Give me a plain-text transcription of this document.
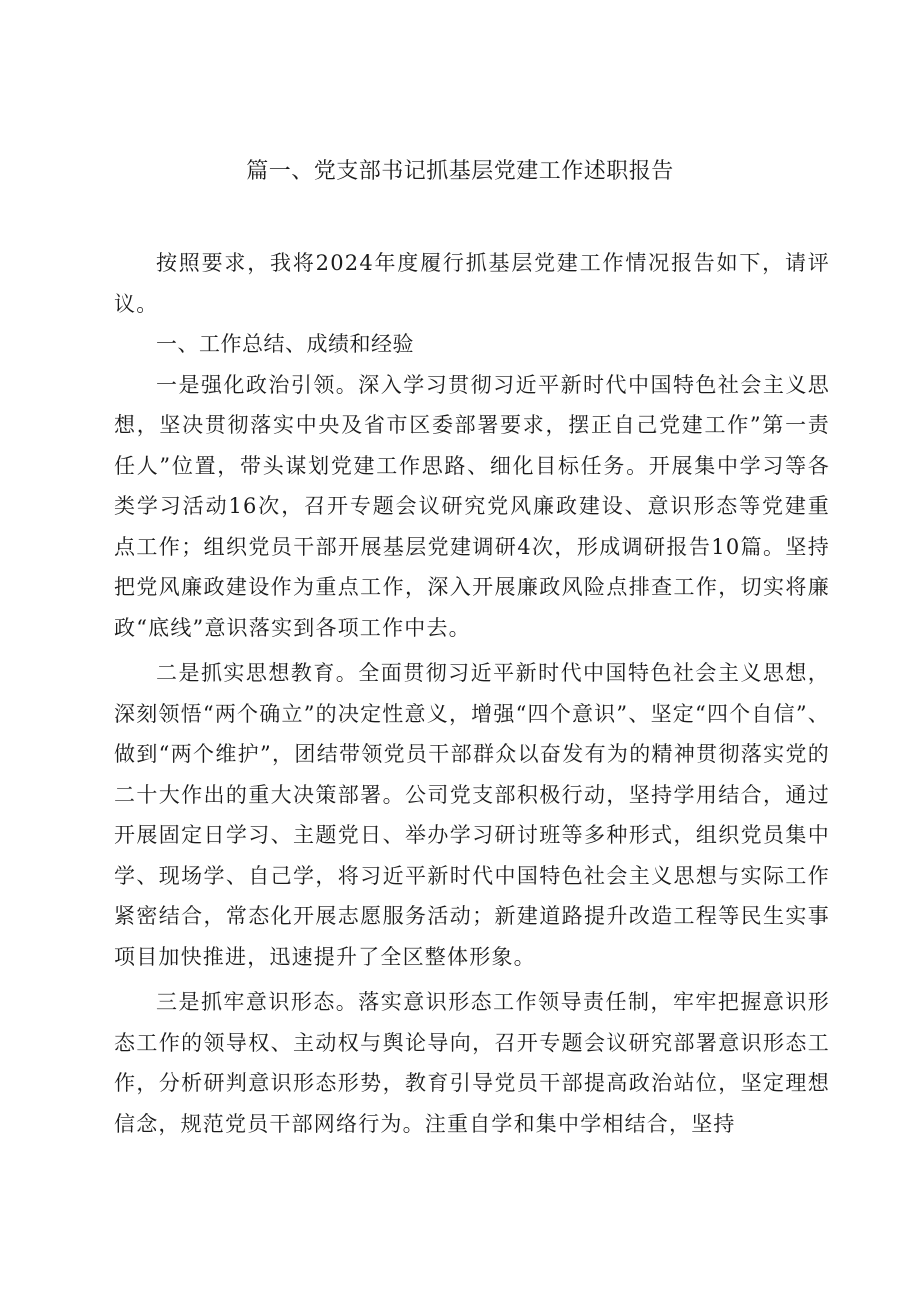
篇一、党支部书记抓基层党建工作述职报告

按照要求，我将2024年度履行抓基层党建工作情况报告如下，请评议。

一、工作总结、成绩和经验

一是强化政治引领。深入学习贯彻习近平新时代中国特色社会主义思想，坚决贯彻落实中央及省市区委部署要求，摆正自己党建工作”第一责任人”位置，带头谋划党建工作思路、细化目标任务。开展集中学习等各类学习活动16次，召开专题会议研究党风廉政建设、意识形态等党建重点工作；组织党员干部开展基层党建调研4次，形成调研报告10篇。坚持把党风廉政建设作为重点工作，深入开展廉政风险点排查工作，切实将廉政“底线”意识落实到各项工作中去。

二是抓实思想教育。全面贯彻习近平新时代中国特色社会主义思想，深刻领悟“两个确立”的决定性意义，增强“四个意识”、坚定“四个自信”、做到“两个维护”，团结带领党员干部群众以奋发有为的精神贯彻落实党的二十大作出的重大决策部署。公司党支部积极行动，坚持学用结合，通过开展固定日学习、主题党日、举办学习研讨班等多种形式，组织党员集中学、现场学、自己学，将习近平新时代中国特色社会主义思想与实际工作紧密结合，常态化开展志愿服务活动；新建道路提升改造工程等民生实事项目加快推进，迅速提升了全区整体形象。

三是抓牢意识形态。落实意识形态工作领导责任制，牢牢把握意识形态工作的领导权、主动权与舆论导向，召开专题会议研究部署意识形态工作，分析研判意识形态形势，教育引导党员干部提高政治站位，坚定理想信念，规范党员干部网络行为。注重自学和集中学相结合，坚持
